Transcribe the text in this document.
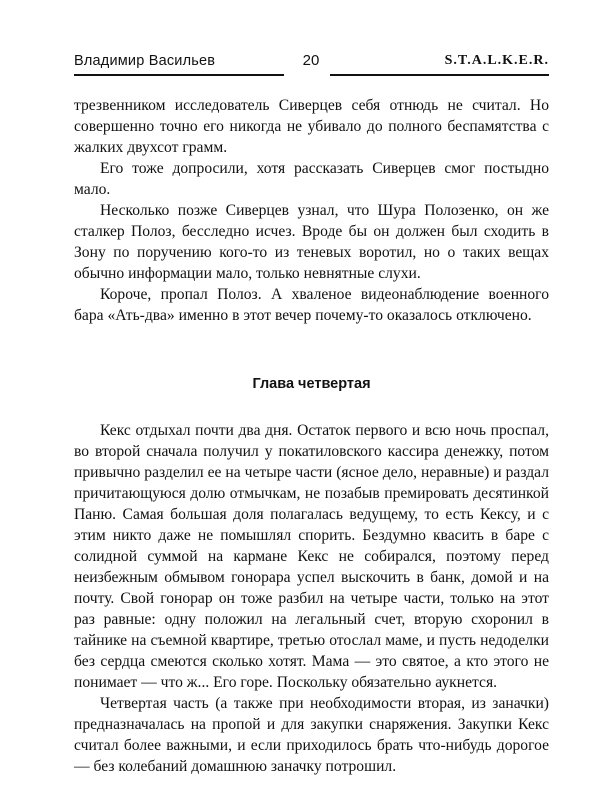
Владимир Васильев	20	S.T.A.L.K.E.R.

трезвенником исследователь Сиверцев себя отнюдь не считал. Но совершенно точно его никогда не убивало до полного беспамятства с жалких двухсот грамм.

Его тоже допросили, хотя рассказать Сиверцев смог постыдно мало.

Несколько позже Сиверцев узнал, что Шура Полозенко, он же сталкер Полоз, бесследно исчез. Вроде бы он должен был сходить в Зону по поручению кого-то из теневых воротил, но о таких вещах обычно информации мало, только невнятные слухи.

Короче, пропал Полоз. А хваленое видеонаблюдение военного бара «Ать-два» именно в этот вечер почему-то оказалось отключено.

Глава четвертая

Кекс отдыхал почти два дня. Остаток первого и всю ночь проспал, во второй сначала получил у покатиловского кассира денежку, потом привычно разделил ее на четыре части (ясное дело, неравные) и раздал причитающуюся долю отмычкам, не позабыв премировать десятинкой Паню. Самая большая доля полагалась ведущему, то есть Кексу, и с этим никто даже не помышлял спорить. Бездумно квасить в баре с солидной суммой на кармане Кекс не собирался, поэтому перед неизбежным обмывом гонорара успел выскочить в банк, домой и на почту. Свой гонорар он тоже разбил на четыре части, только на этот раз равные: одну положил на легальный счет, вторую схоронил в тайнике на съемной квартире, третью отослал маме, и пусть недоделки без сердца смеются сколько хотят. Мама — это святое, а кто этого не понимает — что ж... Его горе. Поскольку обязательно аукнется.

Четвертая часть (а также при необходимости вторая, из заначки) предназначалась на пропой и для закупки снаряжения. Закупки Кекс считал более важными, и если приходилось брать что-нибудь дорогое — без колебаний домашнюю заначку потрошил.
